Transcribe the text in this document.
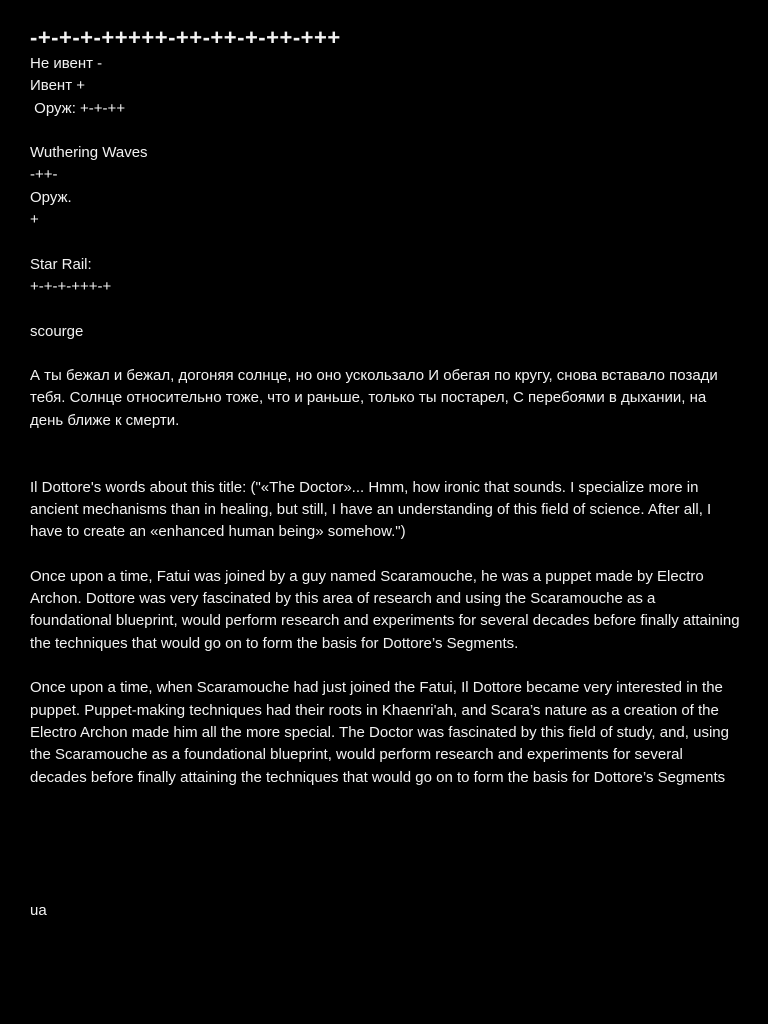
-+-+-+-+++++-++-++-+-++-+++
Не ивент -
Ивент +
Оруж: +-+-++
Wuthering Waves
-++-
Оруж.
+
Star Rail:
+-+-+-+++-+
scourge

А ты бежал и бежал, догоняя солнце, но оно ускользало И обегая по кругу, снова вставало позади тебя. Солнце относительно тоже, что и раньше, только ты постарел, С перебоями в дыхании, на день ближе к смерти.

Il Dottore's words about this title: ("«The Doctor»... Hmm, how ironic that sounds. I specialize more in ancient mechanisms than in healing, but still, I have an understanding of this field of science. After all, I have to create an «enhanced human being» somehow.")

Once upon a time, Fatui was joined by a guy named Scaramouche, he was a puppet made by Electro Archon. Dottore was very fascinated by this area of research and using the Scaramouche as a foundational blueprint, would perform research and experiments for several decades before finally attaining the techniques that would go on to form the basis for Dottore’s Segments.

Once upon a time, when Scaramouche had just joined the Fatui, Il Dottore became very interested in the puppet. Puppet-making techniques had their roots in Khaenri'ah, and Scara’s nature as a creation of the Electro Archon made him all the more special. The Doctor was fascinated by this field of study, and, using the Scaramouche as a foundational blueprint, would perform research and experiments for several decades before finally attaining the techniques that would go on to form the basis for Dottore’s Segments

ua
